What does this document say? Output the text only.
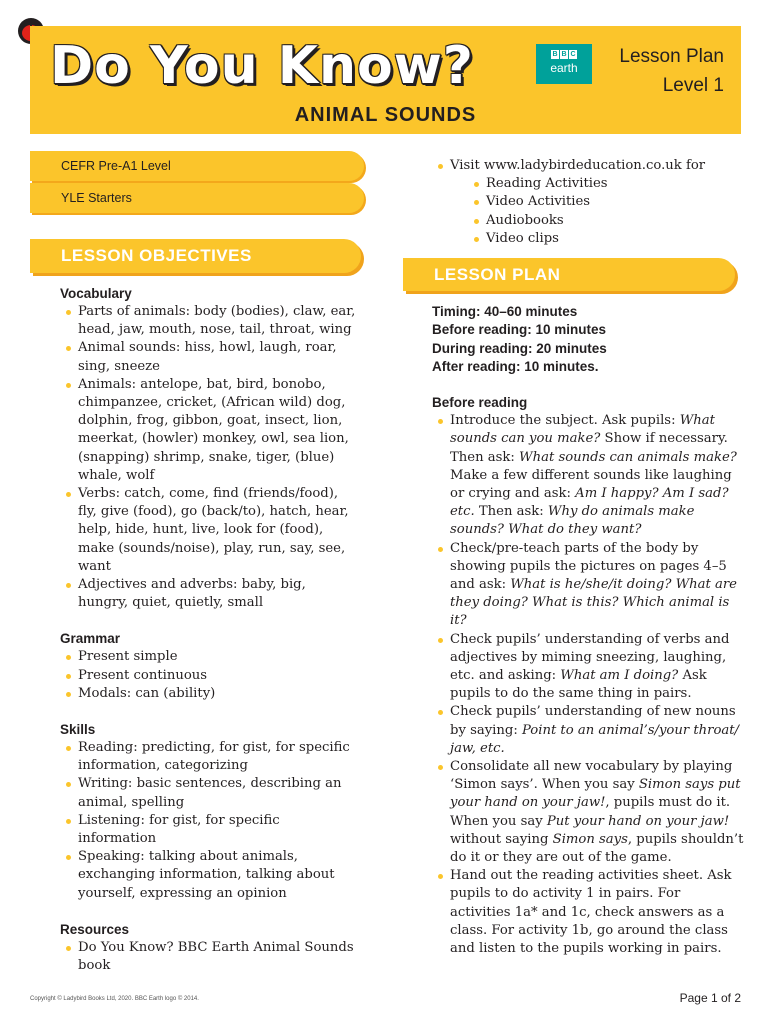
Do You Know?	B B C
earth
Lesson Plan
Level 1
ANIMAL SOUNDS
CEFR Pre-A1 Level
YLE Starters
LESSON OBJECTIVES
Vocabulary
Parts of animals: body (bodies), claw, ear, head, jaw, mouth, nose, tail, throat, wing
Animal sounds: hiss, howl, laugh, roar, sing, sneeze
Animals: antelope, bat, bird, bonobo, chimpanzee, cricket, (African wild) dog, dolphin, frog, gibbon, goat, insect, lion, meerkat, (howler) monkey, owl, sea lion, (snapping) shrimp, snake, tiger, (blue) whale, wolf
Verbs: catch, come, find (friends/food), fly, give (food), go (back/to), hatch, hear, help, hide, hunt, live, look for (food), make (sounds/noise), play, run, say, see, want
Adjectives and adverbs: baby, big, hungry, quiet, quietly, small
Grammar
Present simple
Present continuous
Modals: can (ability)
Skills
Reading: predicting, for gist, for specific information, categorizing
Writing: basic sentences, describing an animal, spelling
Listening: for gist, for specific information
Speaking: talking about animals, exchanging information, talking about yourself, expressing an opinion
Resources
Do You Know? BBC Earth Animal Sounds book
Visit www.ladybirdeducation.co.uk for
Reading Activities
Video Activities
Audiobooks
Video clips
LESSON PLAN
Timing: 40–60 minutes
Before reading: 10 minutes
During reading: 20 minutes
After reading: 10 minutes.
Before reading
Introduce the subject. Ask pupils: What sounds can you make? Show if necessary. Then ask: What sounds can animals make? Make a few different sounds like laughing or crying and ask: Am I happy? Am I sad? etc. Then ask: Why do animals make sounds? What do they want?
Check/pre-teach parts of the body by showing pupils the pictures on pages 4–5 and ask: What is he/she/it doing? What are they doing? What is this? Which animal is it?
Check pupils’ understanding of verbs and adjectives by miming sneezing, laughing, etc. and asking: What am I doing? Ask pupils to do the same thing in pairs.
Check pupils’ understanding of new nouns by saying: Point to an animal’s/your throat/ jaw, etc.
Consolidate all new vocabulary by playing ‘Simon says’. When you say Simon says put your hand on your jaw!, pupils must do it. When you say Put your hand on your jaw! without saying Simon says, pupils shouldn’t do it or they are out of the game.
Hand out the reading activities sheet. Ask pupils to do activity 1 in pairs. For activities 1a* and 1c, check answers as a class. For activity 1b, go around the class and listen to the pupils working in pairs.
Copyright © Ladybird Books Ltd, 2020. BBC Earth logo © 2014.	Page 1 of 2
